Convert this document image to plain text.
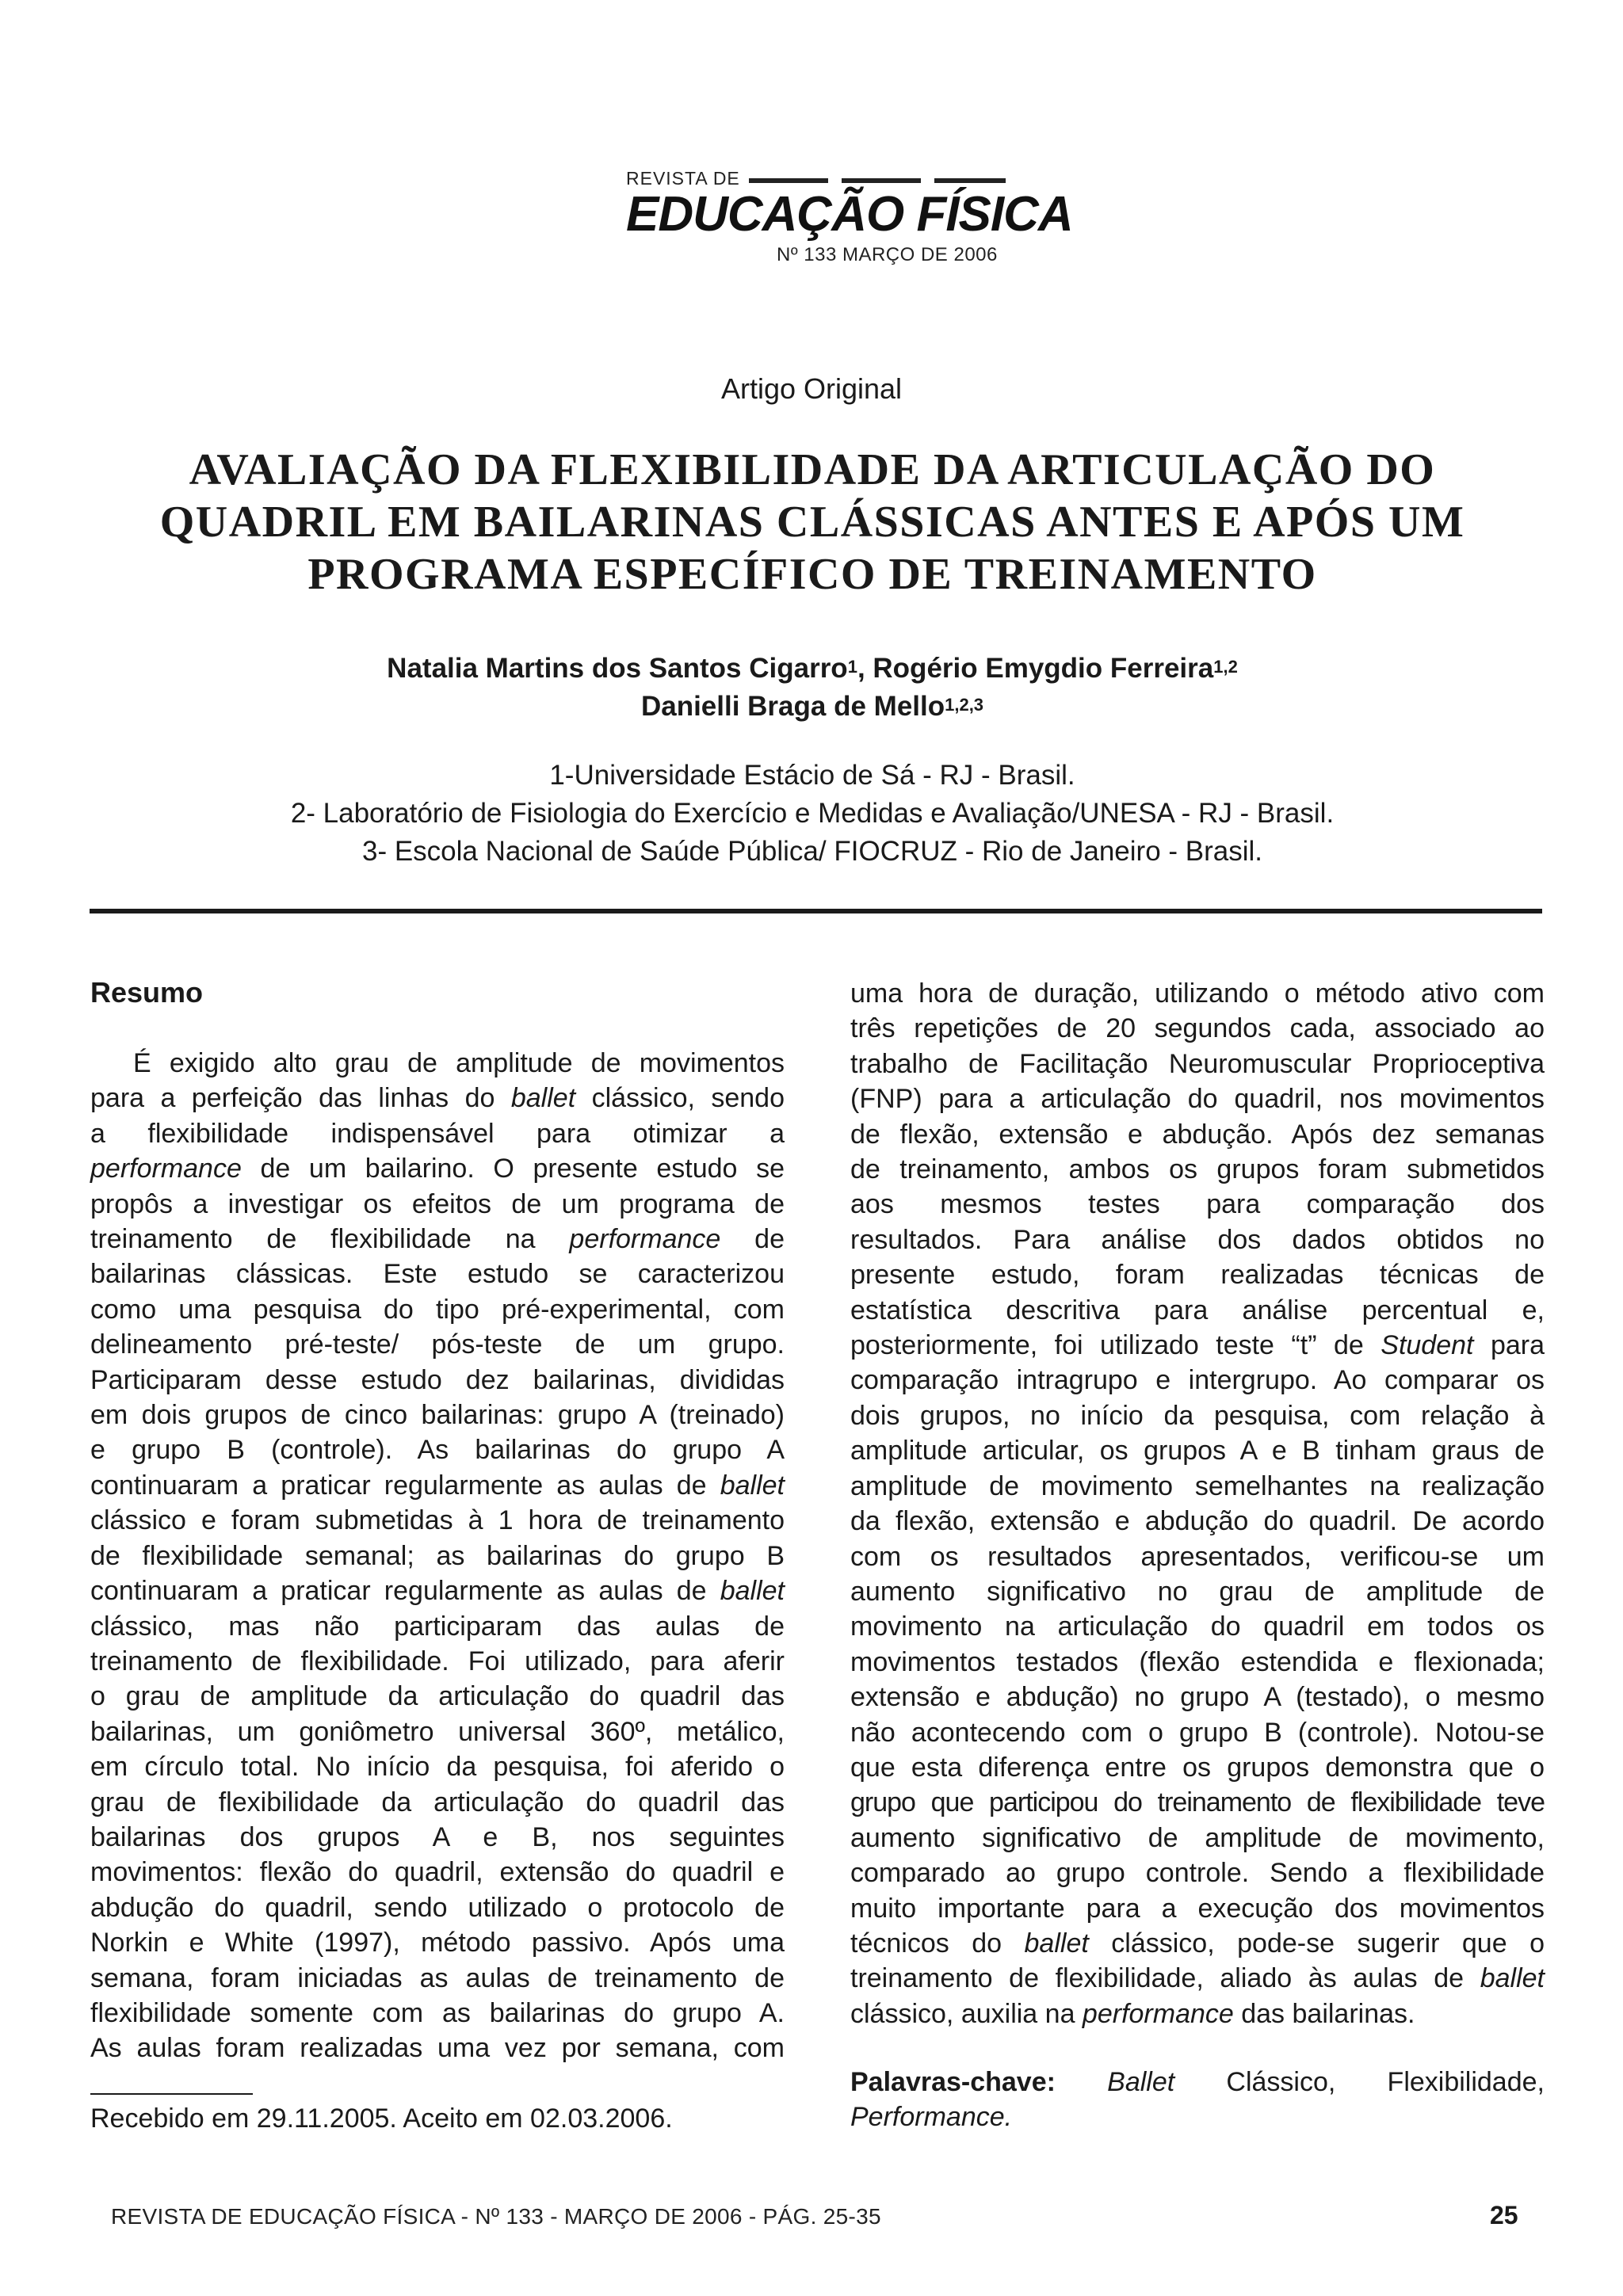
REVISTA DE
EDUCAÇÃO FÍSICA
Nº 133 MARÇO DE 2006
Artigo Original
AVALIAÇÃO DA FLEXIBILIDADE DA ARTICULAÇÃO DO
QUADRIL EM BAILARINAS CLÁSSICAS ANTES E APÓS UM
PROGRAMA ESPECÍFICO DE TREINAMENTO
Natalia Martins dos Santos Cigarro$^1$, Rogério Emygdio Ferreira$^{1,2}$
Danielli Braga de Mello$^{1,2,3}$
1-Universidade Estácio de Sá - RJ - Brasil.
2- Laboratório de Fisiologia do Exercício e Medidas e Avaliação/UNESA - RJ - Brasil.
3- Escola Nacional de Saúde Pública/ FIOCRUZ - Rio de Janeiro - Brasil.
Resumo
É exigido alto grau de amplitude de movimentos
para a perfeição das linhas do ballet clássico, sendo
a flexibilidade indispensável para otimizar a
performance de um bailarino. O presente estudo se
propôs a investigar os efeitos de um programa de
treinamento de flexibilidade na performance de
bailarinas clássicas. Este estudo se caracterizou
como uma pesquisa do tipo pré-experimental, com
delineamento pré-teste/ pós-teste de um grupo.
Participaram desse estudo dez bailarinas, divididas
em dois grupos de cinco bailarinas: grupo A (treinado)
e grupo B (controle). As bailarinas do grupo A
continuaram a praticar regularmente as aulas de ballet
clássico e foram submetidas à 1 hora de treinamento
de flexibilidade semanal; as bailarinas do grupo B
continuaram a praticar regularmente as aulas de ballet
clássico, mas não participaram das aulas de
treinamento de flexibilidade. Foi utilizado, para aferir
o grau de amplitude da articulação do quadril das
bailarinas, um goniômetro universal 360º, metálico,
em círculo total. No início da pesquisa, foi aferido o
grau de flexibilidade da articulação do quadril das
bailarinas dos grupos A e B, nos seguintes
movimentos: flexão do quadril, extensão do quadril e
abdução do quadril, sendo utilizado o protocolo de
Norkin e White (1997), método passivo. Após uma
semana, foram iniciadas as aulas de treinamento de
flexibilidade somente com as bailarinas do grupo A.
As aulas foram realizadas uma vez por semana, com
uma hora de duração, utilizando o método ativo com
três repetições de 20 segundos cada, associado ao
trabalho de Facilitação Neuromuscular Proprioceptiva
(FNP) para a articulação do quadril, nos movimentos
de flexão, extensão e abdução. Após dez semanas
de treinamento, ambos os grupos foram submetidos
aos mesmos testes para comparação dos
resultados. Para análise dos dados obtidos no
presente estudo, foram realizadas técnicas de
estatística descritiva para análise percentual e,
posteriormente, foi utilizado teste “t” de Student para
comparação intragrupo e intergrupo. Ao comparar os
dois grupos, no início da pesquisa, com relação à
amplitude articular, os grupos A e B tinham graus de
amplitude de movimento semelhantes na realização
da flexão, extensão e abdução do quadril. De acordo
com os resultados apresentados, verificou-se um
aumento significativo no grau de amplitude de
movimento na articulação do quadril em todos os
movimentos testados (flexão estendida e flexionada;
extensão e abdução) no grupo A (testado), o mesmo
não acontecendo com o grupo B (controle). Notou-se
que esta diferença entre os grupos demonstra que o
grupo que participou do treinamento de flexibilidade teve
aumento significativo de amplitude de movimento,
comparado ao grupo controle. Sendo a flexibilidade
muito importante para a execução dos movimentos
técnicos do ballet clássico, pode-se sugerir que o
treinamento de flexibilidade, aliado às aulas de ballet
clássico, auxilia na performance das bailarinas.
Palavras-chave: Ballet Clássico, Flexibilidade,
Performance.
Recebido em 29.11.2005. Aceito em 02.03.2006.
REVISTA DE EDUCAÇÃO FÍSICA - Nº 133 - MARÇO DE 2006 - PÁG. 25-35	25
